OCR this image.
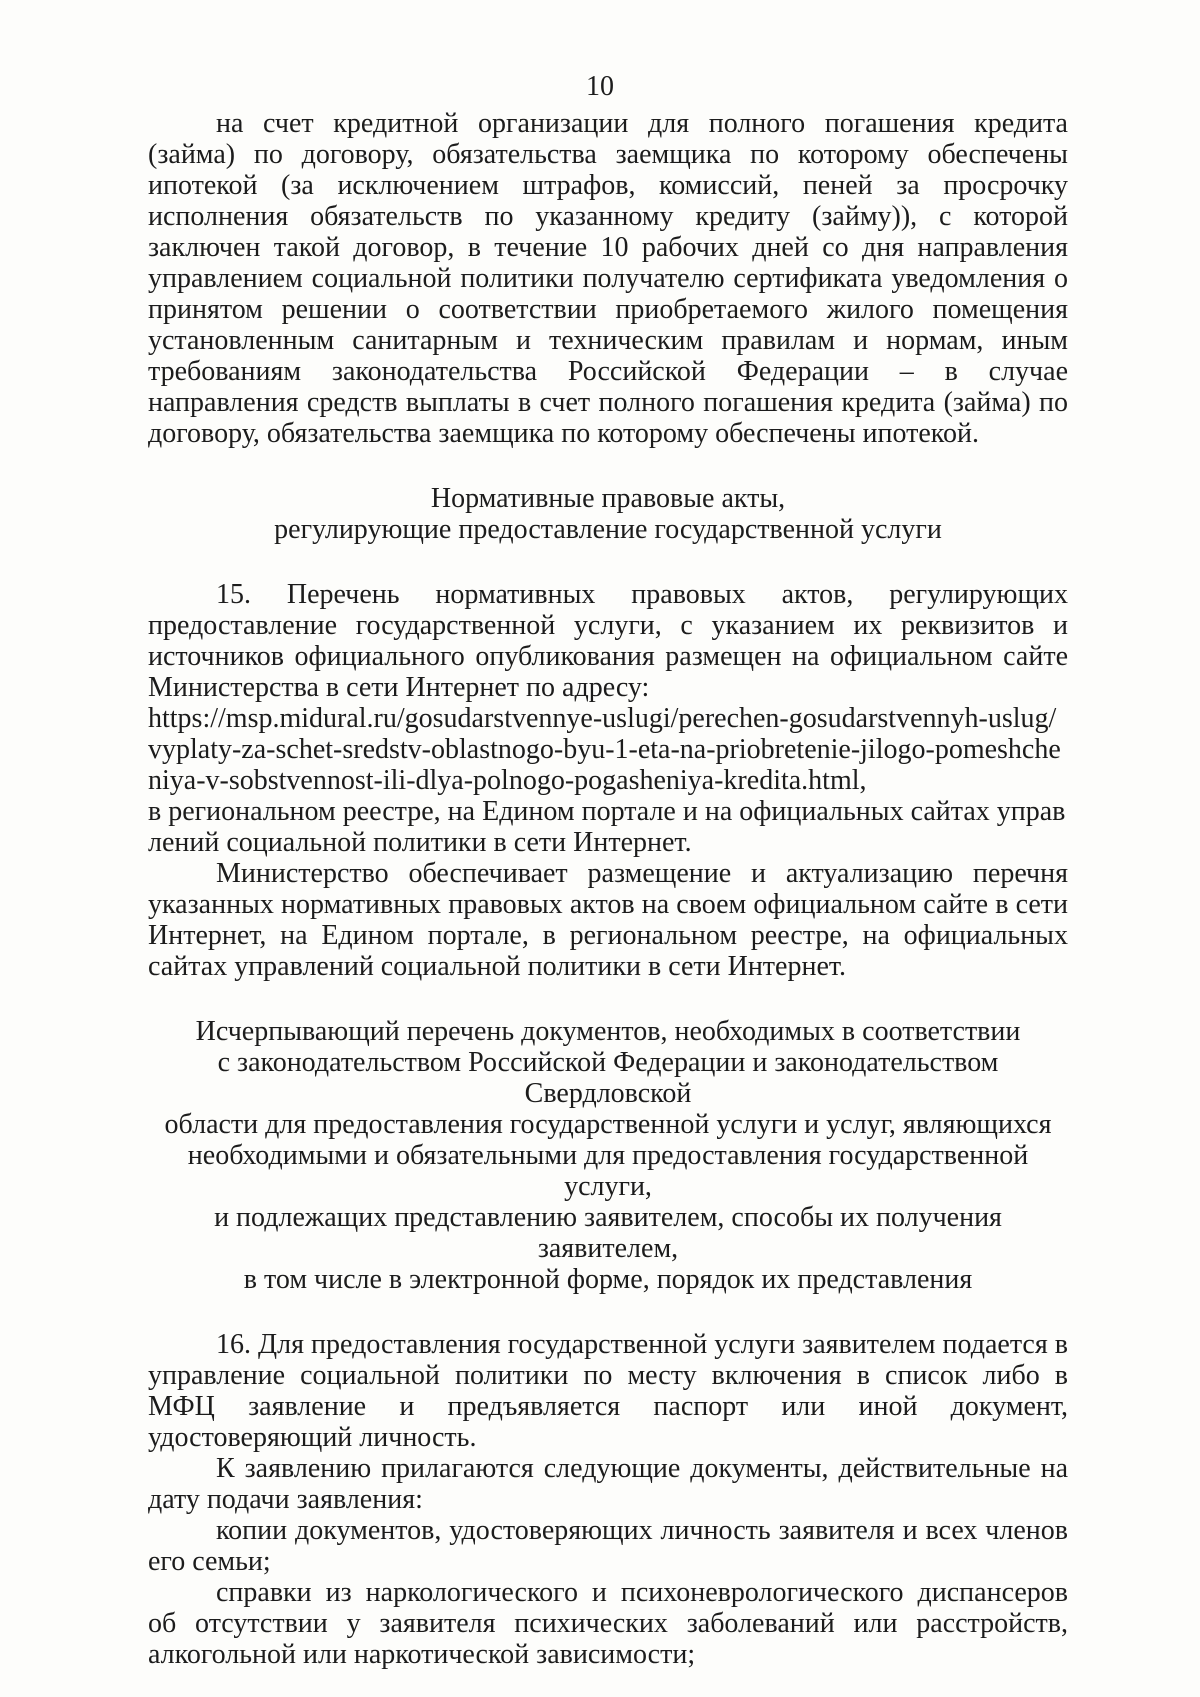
10

на счет кредитной организации для полного погашения кредита (займа) по договору, обязательства заемщика по которому обеспечены ипотекой (за исключением штрафов, комиссий, пеней за просрочку исполнения обязательств по указанному кредиту (займу)), с которой заключен такой договор, в течение 10 рабочих дней со дня направления управлением социальной политики получателю сертификата уведомления о принятом решении о соответствии приобретаемого жилого помещения установленным санитарным и техническим правилам и нормам, иным требованиям законодательства Российской Федерации – в случае направления средств выплаты в счет полного погашения кредита (займа) по договору, обязательства заемщика по которому обеспечены ипотекой.

Нормативные правовые акты,

регулирующие предоставление государственной услуги

15. Перечень нормативных правовых актов, регулирующих предоставление государственной услуги, с указанием их реквизитов и источников официального опубликования размещен на официальном сайте Министерства в сети Интернет по адресу:

https://msp.midural.ru/gosudarstvennye-uslugi/perechen-gosudarstvennyh-uslug/vyplaty-za-schet-sredstv-oblastnogo-byu-1-eta-na-priobretenie-jilogo-pomeshcheniya-v-sobstvennost-ili-dlya-polnogo-pogasheniya-kredita.html,

в региональном реестре, на Едином портале и на официальных сайтах управлений социальной политики в сети Интернет.

Министерство обеспечивает размещение и актуализацию перечня указанных нормативных правовых актов на своем официальном сайте в сети Интернет, на Едином портале, в региональном реестре, на официальных сайтах управлений социальной политики в сети Интернет.

Исчерпывающий перечень документов, необходимых в соответствии

с законодательством Российской Федерации и законодательством Свердловской

области для предоставления государственной услуги и услуг, являющихся

необходимыми и обязательными для предоставления государственной услуги,

и подлежащих представлению заявителем, способы их получения заявителем,

в том числе в электронной форме, порядок их представления

16. Для предоставления государственной услуги заявителем подается в управление социальной политики по месту включения в список либо в МФЦ заявление и предъявляется паспорт или иной документ, удостоверяющий личность.

К заявлению прилагаются следующие документы, действительные на дату подачи заявления:

копии документов, удостоверяющих личность заявителя и всех членов его семьи;

справки из наркологического и психоневрологического диспансеров об отсутствии у заявителя психических заболеваний или расстройств, алкогольной или наркотической зависимости;
